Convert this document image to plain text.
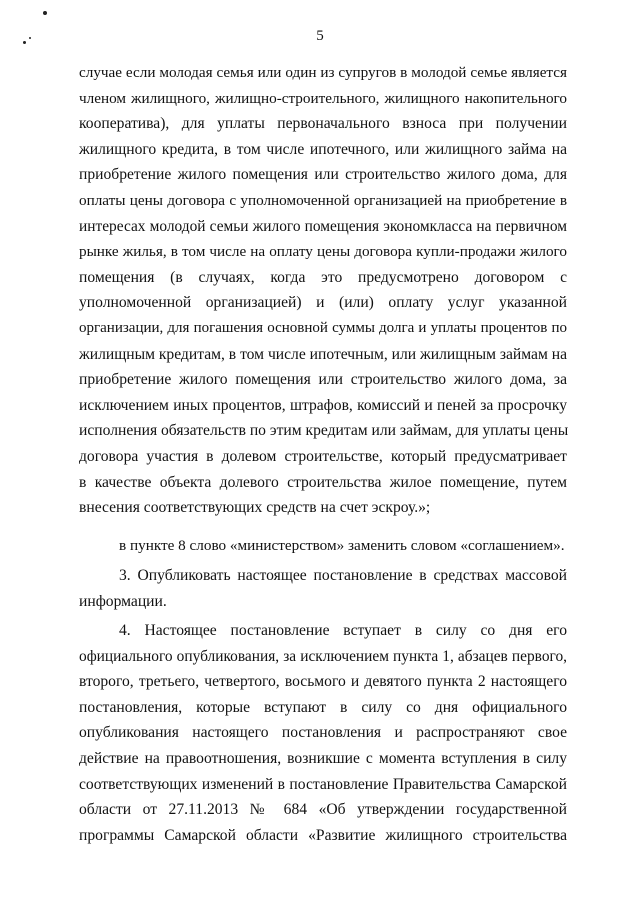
5
случае если молодая семья или один из супругов в молодой семье является
членом жилищного, жилищно-строительного, жилищного накопительного
кооператива), для уплаты первоначального взноса при получении
жилищного кредита, в том числе ипотечного, или жилищного займа на
приобретение жилого помещения или строительство жилого дома, для
оплаты цены договора с уполномоченной организацией на приобретение в
интересах молодой семьи жилого помещения экономкласса на первичном
рынке жилья, в том числе на оплату цены договора купли-продажи жилого
помещения (в случаях, когда это предусмотрено договором с
уполномоченной организацией) и (или) оплату услуг указанной
организации, для погашения основной суммы долга и уплаты процентов по
жилищным кредитам, в том числе ипотечным, или жилищным займам на
приобретение жилого помещения или строительство жилого дома, за
исключением иных процентов, штрафов, комиссий и пеней за просрочку
исполнения обязательств по этим кредитам или займам, для уплаты цены
договора участия в долевом строительстве, который предусматривает
в качестве объекта долевого строительства жилое помещение, путем
внесения соответствующих средств на счет эскроу.»;
в пункте 8 слово «министерством» заменить словом «соглашением».
3. Опубликовать настоящее постановление в средствах массовой
информации.
4. Настоящее постановление вступает в силу со дня его
официального опубликования, за исключением пункта 1, абзацев первого,
второго, третьего, четвертого, восьмого и девятого пункта 2 настоящего
постановления, которые вступают в силу со дня официального
опубликования настоящего постановления и распространяют свое
действие на правоотношения, возникшие с момента вступления в силу
соответствующих изменений в постановление Правительства Самарской
области от 27.11.2013 № 684 «Об утверждении государственной
программы Самарской области «Развитие жилищного строительства
